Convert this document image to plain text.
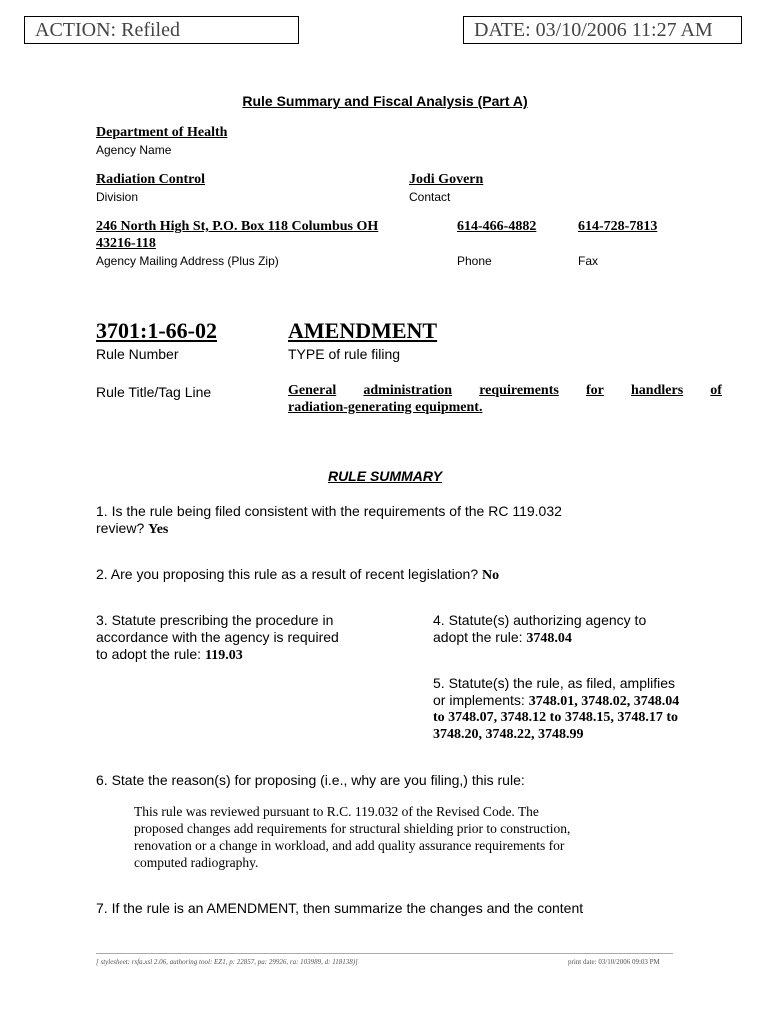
ACTION: Refiled	DATE: 03/10/2006 11:27 AM
Rule Summary and Fiscal Analysis (Part A)
Department of Health
Agency Name
Radiation Control
Division
Jodi Govern
Contact
246 North High St, P.O. Box 118 Columbus OH
43216-118
Agency Mailing Address (Plus Zip)
614-466-4882
Phone
614-728-7813
Fax
3701:1-66-02
Rule Number
AMENDMENT
TYPE of rule filing
Rule Title/Tag Line	General administration requirements for handlers of
radiation-generating equipment.
RULE SUMMARY
1. Is the rule being filed consistent with the requirements of the RC 119.032
review? Yes
2. Are you proposing this rule as a result of recent legislation? No
3. Statute prescribing the procedure in
accordance with the agency is required
to adopt the rule: 119.03
4. Statute(s) authorizing agency to
adopt the rule: 3748.04
5. Statute(s) the rule, as filed, amplifies
or implements: 3748.01, 3748.02, 3748.04
to 3748.07, 3748.12 to 3748.15, 3748.17 to
3748.20, 3748.22, 3748.99
6. State the reason(s) for proposing (i.e., why are you filing,) this rule:
This rule was reviewed pursuant to R.C. 119.032 of the Revised Code. The
proposed changes add requirements for structural shielding prior to construction,
renovation or a change in workload, and add quality assurance requirements for
computed radiography.
7. If the rule is an AMENDMENT, then summarize the changes and the content
[ stylesheet: rsfa.xsl 2.06, authoring tool: EZ1, p: 22857, pa: 29926, ra: 103989, d: 118138)]	print date: 03/10/2006 09:03 PM
